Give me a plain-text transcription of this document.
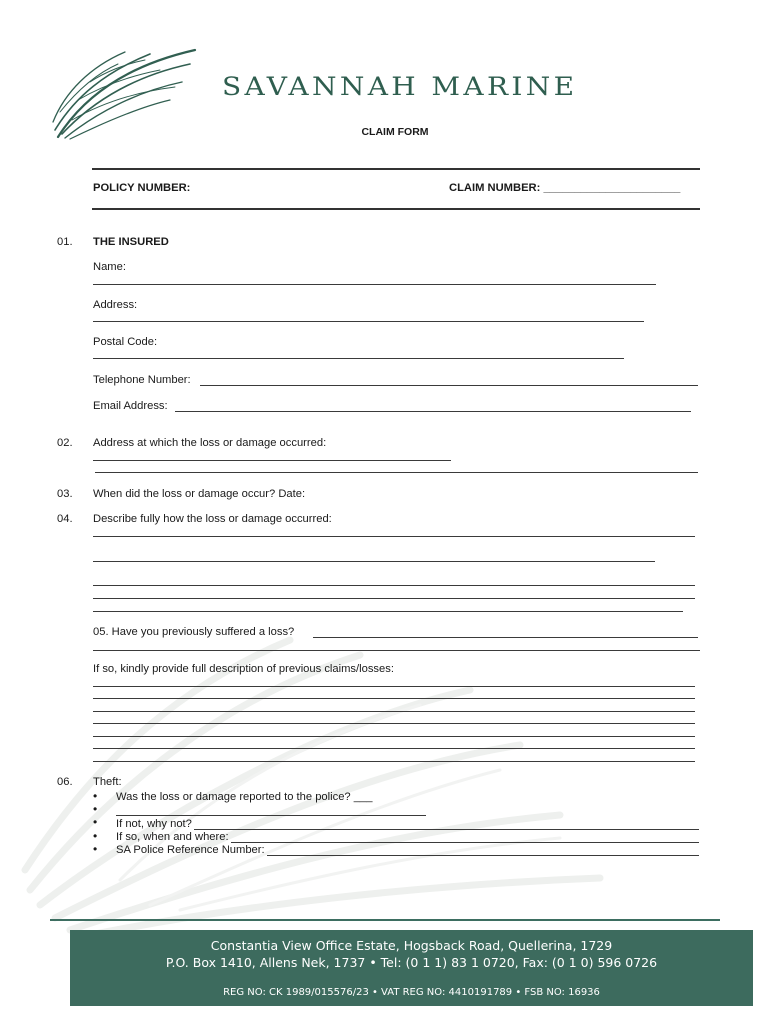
SAVANNAH MARINE
CLAIM FORM
POLICY NUMBER:	CLAIM NUMBER: ______________________
01. THE INSURED
Name:
Address:
Postal Code:
Telephone Number:
Email Address:
02. Address at which the loss or damage occurred:
03. When did the loss or damage occur? Date:
04. Describe fully how the loss or damage occurred:
05. Have you previously suffered a loss?
If so, kindly provide full description of previous claims/losses:
06. Theft:
• Was the loss or damage reported to the police? ___
•
• If not, why not?
• If so, when and where:
• SA Police Reference Number:
Constantia View Office Estate, Hogsback Road, Quellerina, 1729
P.O. Box 1410, Allens Nek, 1737 • Tel: (0 1 1) 83 1 0720, Fax: (0 1 0) 596 0726
REG NO: CK 1989/015576/23 • VAT REG NO: 4410191789 • FSB NO: 16936
